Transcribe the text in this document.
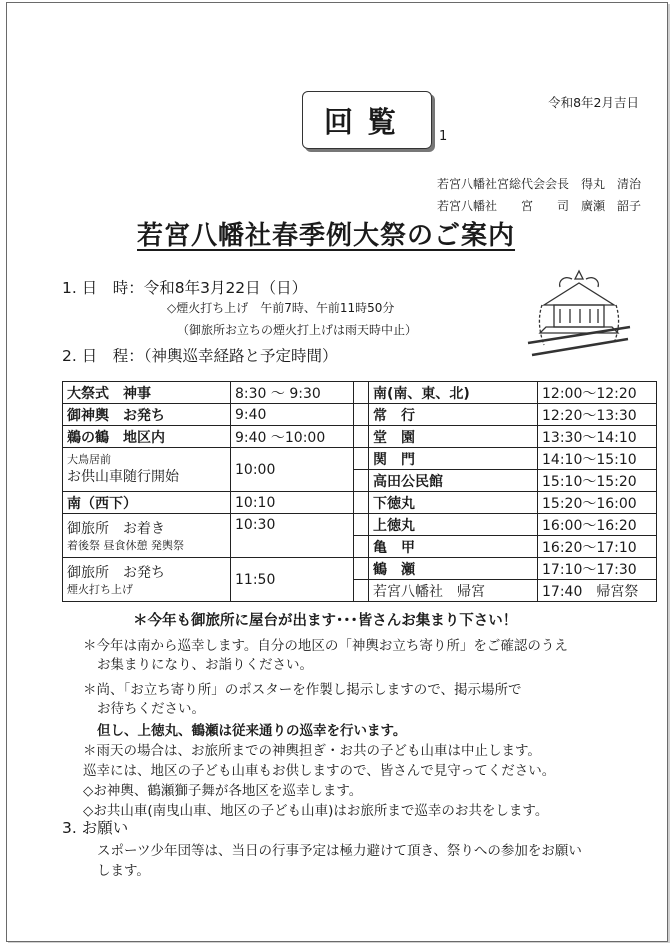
令和8年2月吉日
回覧	1
若宮八幡社宮総代会会長　得丸　清治
若宮八幡社　　宮　　司　廣瀬　韶子
若宮八幡社春季例大祭のご案内
1. 日　時：令和8年3月22日（日）
◇煙火打ち上げ　午前7時、午前11時50分
（御旅所お立ちの煙火打上げは雨天時中止）
2. 日　程：（神輿巡幸経路と予定時間）
大祭式　神事	8:30 〜 9:30		南(南、東、北)	12:00〜12:20
御神輿　お発ち	9:40		常　行	12:20〜13:30
鵜の鶴　地区内	9:40 〜10:00		堂　園	13:30〜14:10

大鳥居前
お供山車随行開始	10:00		関　門	14:10〜15:10
			高田公民館	15:10〜15:20
南（西下）	10:10		下徳丸	15:20〜16:00

御旅所　お着き
着後祭 昼食休憩 発輿祭	10:30		上徳丸	16:00〜16:20
			亀　甲	16:20〜17:10

御旅所　お発ち
煙火打ち上げ	11:50		鶴　瀬	17:10〜17:30
			若宮八幡社　帰宮	17:40　帰宮祭
＊今年も御旅所に屋台が出ます･･･皆さんお集まり下さい！
＊今年は南から巡幸します。自分の地区の「神輿お立ち寄り所」をご確認のうえ
お集まりになり、お詣りください。
＊尚、「お立ち寄り所」のポスターを作製し掲示しますので、掲示場所で
お待ちください。
但し、上徳丸、鶴瀬は従来通りの巡幸を行います。
＊雨天の場合は、お旅所までの神輿担ぎ・お共の子ども山車は中止します。
巡幸には、地区の子ども山車もお供しますので、皆さんで見守ってください。
◇お神輿、鶴瀬獅子舞が各地区を巡幸します。
◇お共山車(南曳山車、地区の子ども山車)はお旅所まで巡幸のお共をします。
3. お願い
スポーツ少年団等は、当日の行事予定は極力避けて頂き、祭りへの参加をお願い
します。
